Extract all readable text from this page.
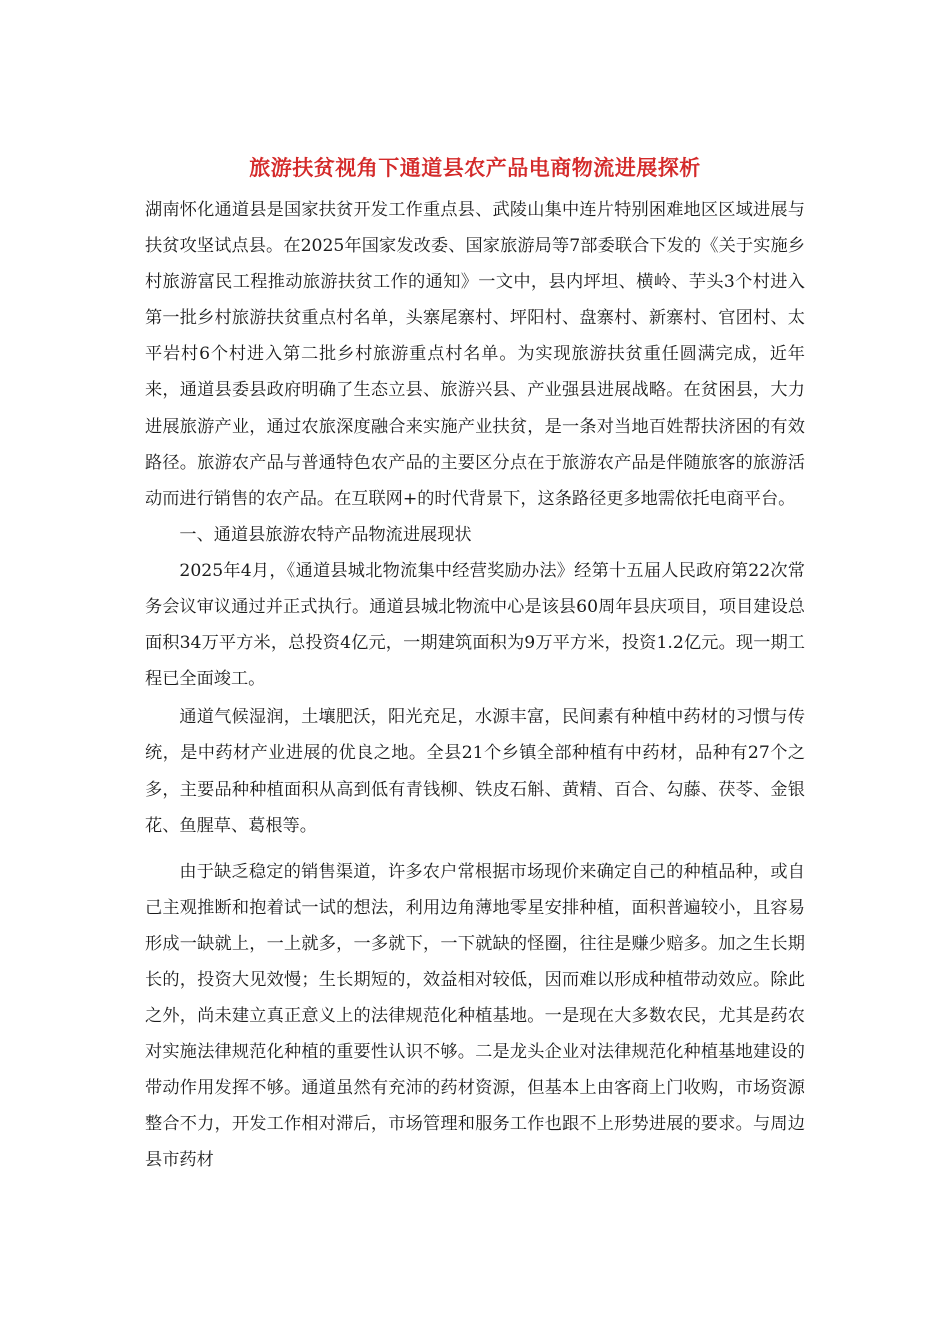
旅游扶贫视角下通道县农产品电商物流进展探析

湖南怀化通道县是国家扶贫开发工作重点县、武陵山集中连片特别困难地区区域进展与扶贫攻坚试点县。在2025年国家发改委、国家旅游局等7部委联合下发的《关于实施乡村旅游富民工程推动旅游扶贫工作的通知》一文中，县内坪坦、横岭、芋头3个村进入第一批乡村旅游扶贫重点村名单，头寨尾寨村、坪阳村、盘寨村、新寨村、官团村、太平岩村6个村进入第二批乡村旅游重点村名单。为实现旅游扶贫重任圆满完成，近年来，通道县委县政府明确了生态立县、旅游兴县、产业强县进展战略。在贫困县，大力进展旅游产业，通过农旅深度融合来实施产业扶贫，是一条对当地百姓帮扶济困的有效路径。旅游农产品与普通特色农产品的主要区分点在于旅游农产品是伴随旅客的旅游活动而进行销售的农产品。在互联网+的时代背景下，这条路径更多地需依托电商平台。

一、通道县旅游农特产品物流进展现状

2025年4月，《通道县城北物流集中经营奖励办法》经第十五届人民政府第22次常务会议审议通过并正式执行。通道县城北物流中心是该县60周年县庆项目，项目建设总面积34万平方米，总投资4亿元，一期建筑面积为9万平方米，投资1.2亿元。现一期工程已全面竣工。

通道气候湿润，土壤肥沃，阳光充足，水源丰富，民间素有种植中药材的习惯与传统，是中药材产业进展的优良之地。全县21个乡镇全部种植有中药材，品种有27个之多，主要品种种植面积从高到低有青钱柳、铁皮石斛、黄精、百合、勾藤、茯苓、金银花、鱼腥草、葛根等。

由于缺乏稳定的销售渠道，许多农户常根据市场现价来确定自己的种植品种，或自己主观推断和抱着试一试的想法，利用边角薄地零星安排种植，面积普遍较小，且容易形成一缺就上，一上就多，一多就下，一下就缺的怪圈，往往是赚少赔多。加之生长期长的，投资大见效慢；生长期短的，效益相对较低，因而难以形成种植带动效应。除此之外，尚未建立真正意义上的法律规范化种植基地。一是现在大多数农民，尤其是药农对实施法律规范化种植的重要性认识不够。二是龙头企业对法律规范化种植基地建设的带动作用发挥不够。通道虽然有充沛的药材资源，但基本上由客商上门收购，市场资源整合不力，开发工作相对滞后，市场管理和服务工作也跟不上形势进展的要求。与周边县市药材
